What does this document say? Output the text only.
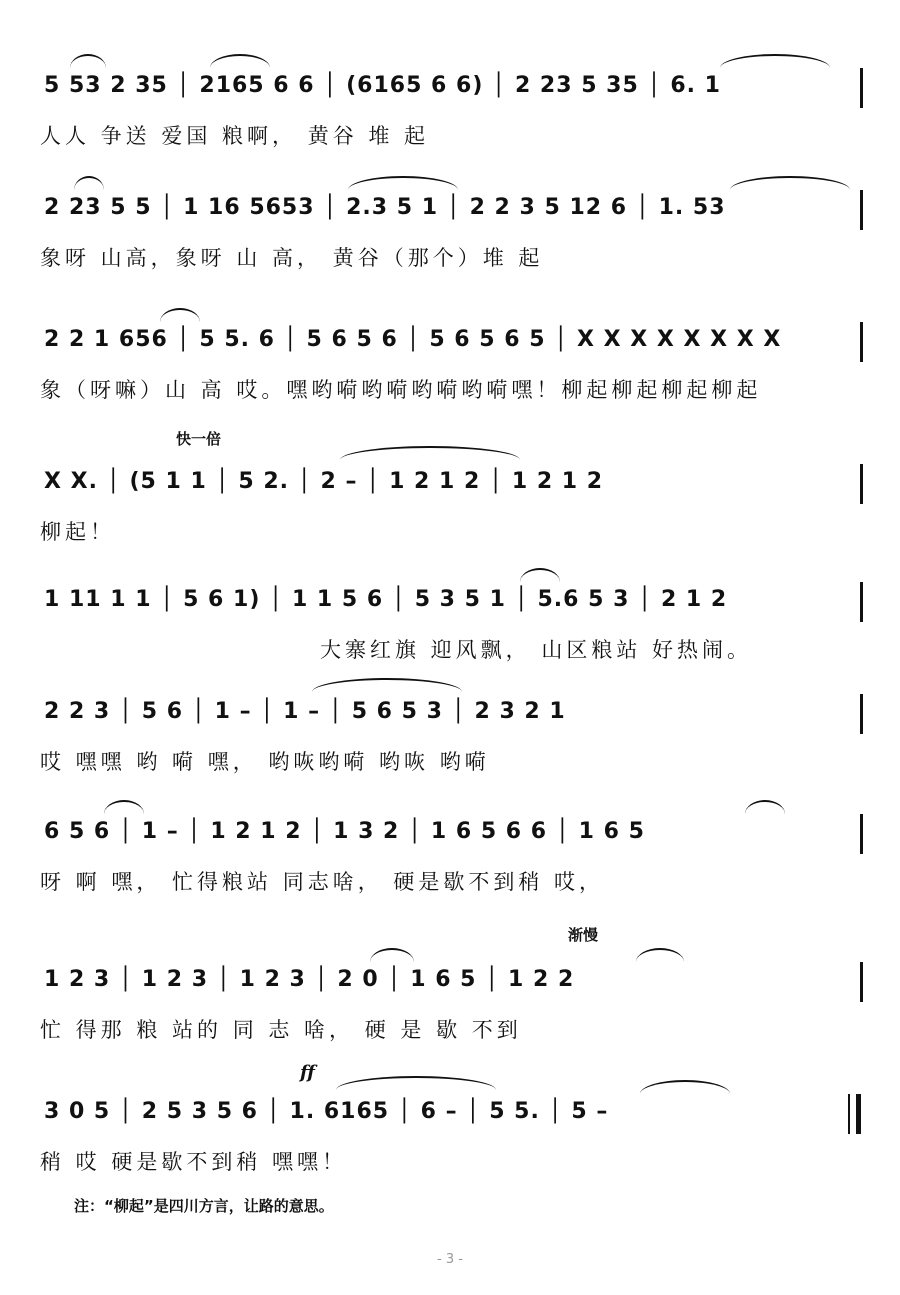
5 53 2 35 │ 2165 6 6 │ (6165 6 6) │ 2 23 5 35 │ 6. 1
人人 争送 爱国 粮啊， 黄谷 堆 起
2 23 5 5 │ 1 16 5653 │ 2.3 5 1 │ 2 2 3 5 12 6 │ 1. 53
象呀 山高，象呀 山 高， 黄谷（那个）堆 起
2 2 1 656 │ 5 5. 6 │ 5 6 5 6 │ 5 6 5 6 5 │ X X X X X X X X
象（呀嘛）山 高 哎。嘿哟嗬哟嗬哟嗬哟嗬嘿！柳起柳起柳起柳起
快一倍
X X. │ (5 1 1 │ 5 2. │ 2 – │ 1 2 1 2 │ 1 2 1 2
柳起！
1 11 1 1 │ 5 6 1) │ 1 1 5 6 │ 5 3 5 1 │ 5.6 5 3 │ 2 1 2
大寨红旗 迎风飘， 山区粮站 好热闹。
2 2 3 │ 5 6 │ 1 – │ 1 – │ 5 6 5 3 │ 2 3 2 1
哎 嘿嘿 哟 嗬 嘿， 哟咴哟嗬 哟咴 哟嗬
6 5 6 │ 1 – │ 1 2 1 2 │ 1 3 2 │ 1 6 5 6 6 │ 1 6 5
呀 啊 嘿， 忙得粮站 同志啥， 硬是歇不到稍 哎，
渐慢
1 2 3 │ 1 2 3 │ 1 2 3 │ 2 0 │ 1 6 5 │ 1 2 2
忙 得那 粮 站的 同 志 啥， 硬 是 歇 不到
ff
3 0 5 │ 2 5 3 5 6 │ 1. 6165 │ 6 – │ 5 5. │ 5 –
稍 哎 硬是歇不到稍 嘿嘿！
注：“柳起”是四川方言，让路的意思。
- 3 -
